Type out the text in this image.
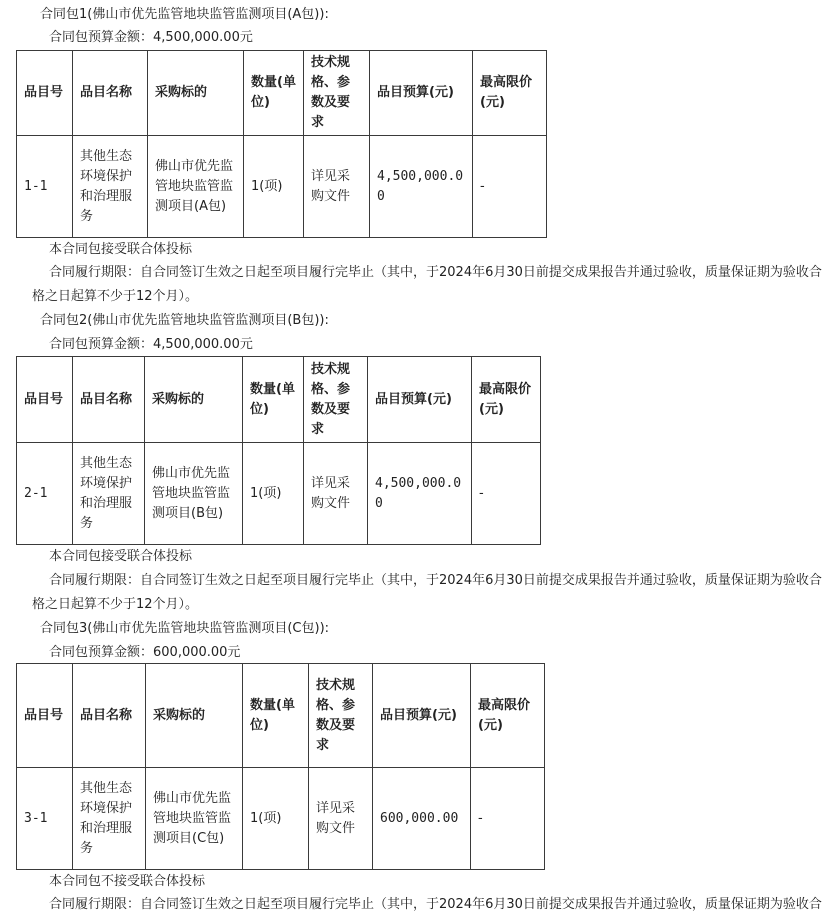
合同包1(佛山市优先监管地块监管监测项目(A包)):
合同包预算金额：4,500,000.00元
品目号	品目名称	采购标的	数量(单位)	技术规格、参数及要求	品目预算(元)	最高限价(元)
1-1	其他生态环境保护和治理服务	佛山市优先监管地块监管监测项目(A包)	1(项)	详见采购文件	4,500,000.00	-
本合同包接受联合体投标
合同履行期限：自合同签订生效之日起至项目履行完毕止（其中，于2024年6月30日前提交成果报告并通过验收，质量保证期为验收合
格之日起算不少于12个月）。
合同包2(佛山市优先监管地块监管监测项目(B包)):
合同包预算金额：4,500,000.00元
品目号	品目名称	采购标的	数量(单位)	技术规格、参数及要求	品目预算(元)	最高限价(元)
2-1	其他生态环境保护和治理服务	佛山市优先监管地块监管监测项目(B包)	1(项)	详见采购文件	4,500,000.00	-
本合同包接受联合体投标
合同履行期限：自合同签订生效之日起至项目履行完毕止（其中，于2024年6月30日前提交成果报告并通过验收，质量保证期为验收合
格之日起算不少于12个月）。
合同包3(佛山市优先监管地块监管监测项目(C包)):
合同包预算金额：600,000.00元
品目号	品目名称	采购标的	数量(单位)	技术规格、参数及要求	品目预算(元)	最高限价(元)
3-1	其他生态环境保护和治理服务	佛山市优先监管地块监管监测项目(C包)	1(项)	详见采购文件	600,000.00	-
本合同包不接受联合体投标
合同履行期限：自合同签订生效之日起至项目履行完毕止（其中，于2024年6月30日前提交成果报告并通过验收，质量保证期为验收合
